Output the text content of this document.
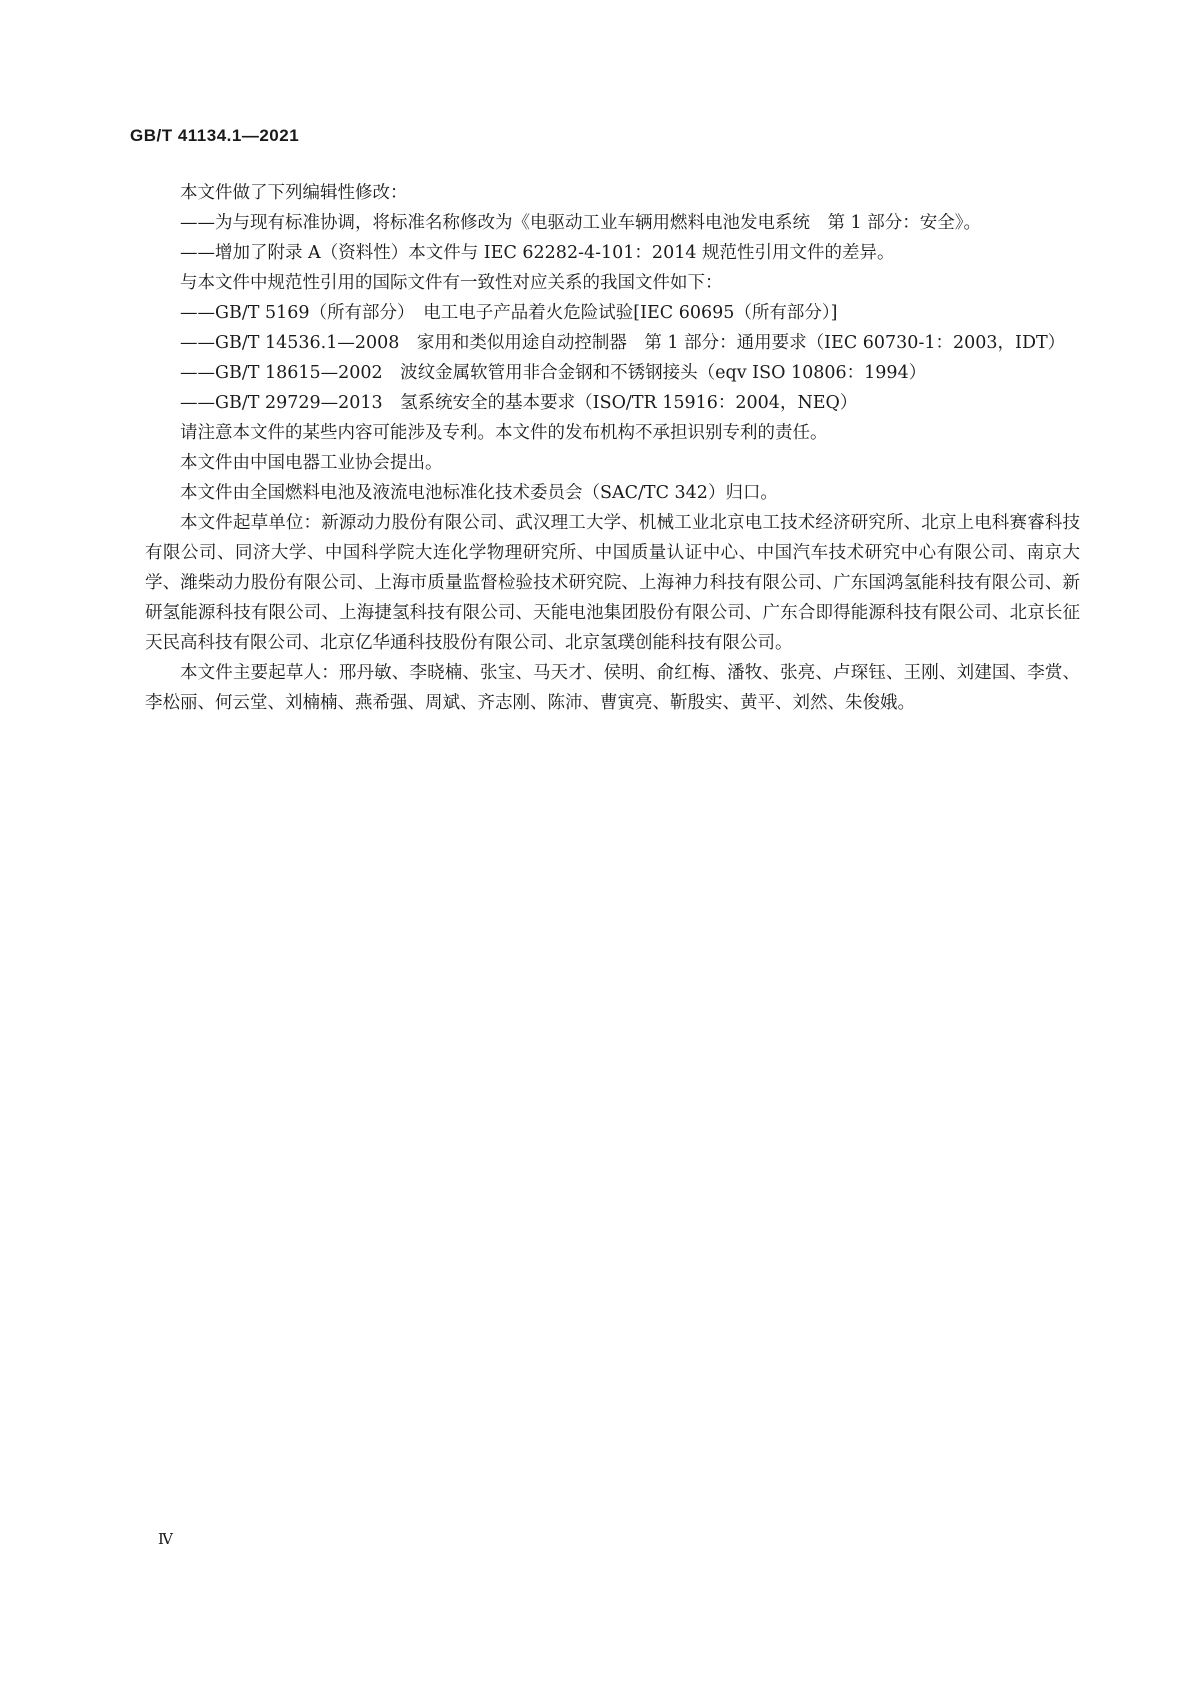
GB/T 41134.1—2021

本文件做了下列编辑性修改：

——为与现有标准协调，将标准名称修改为《电驱动工业车辆用燃料电池发电系统　第 1 部分：安全》。

——增加了附录 A（资料性）本文件与 IEC 62282-4-101：2014 规范性引用文件的差异。

与本文件中规范性引用的国际文件有一致性对应关系的我国文件如下：

——GB/T 5169（所有部分）　电工电子产品着火危险试验[IEC 60695（所有部分）]

——GB/T 14536.1—2008　家用和类似用途自动控制器　第 1 部分：通用要求（IEC 60730-1：2003，IDT）

——GB/T 18615—2002　波纹金属软管用非合金钢和不锈钢接头（eqv ISO 10806：1994）

——GB/T 29729—2013　氢系统安全的基本要求（ISO/TR 15916：2004，NEQ）

请注意本文件的某些内容可能涉及专利。本文件的发布机构不承担识别专利的责任。

本文件由中国电器工业协会提出。

本文件由全国燃料电池及液流电池标准化技术委员会（SAC/TC 342）归口。

本文件起草单位：新源动力股份有限公司、武汉理工大学、机械工业北京电工技术经济研究所、北京上电科赛睿科技有限公司、同济大学、中国科学院大连化学物理研究所、中国质量认证中心、中国汽车技术研究中心有限公司、南京大学、潍柴动力股份有限公司、上海市质量监督检验技术研究院、上海神力科技有限公司、广东国鸿氢能科技有限公司、新研氢能源科技有限公司、上海捷氢科技有限公司、天能电池集团股份有限公司、广东合即得能源科技有限公司、北京长征天民高科技有限公司、北京亿华通科技股份有限公司、北京氢璞创能科技有限公司。

本文件主要起草人：邢丹敏、李晓楠、张宝、马天才、侯明、俞红梅、潘牧、张亮、卢琛钰、王刚、刘建国、李赏、李松丽、何云堂、刘楠楠、燕希强、周斌、齐志刚、陈沛、曹寅亮、靳殷实、黄平、刘然、朱俊娥。

Ⅳ
